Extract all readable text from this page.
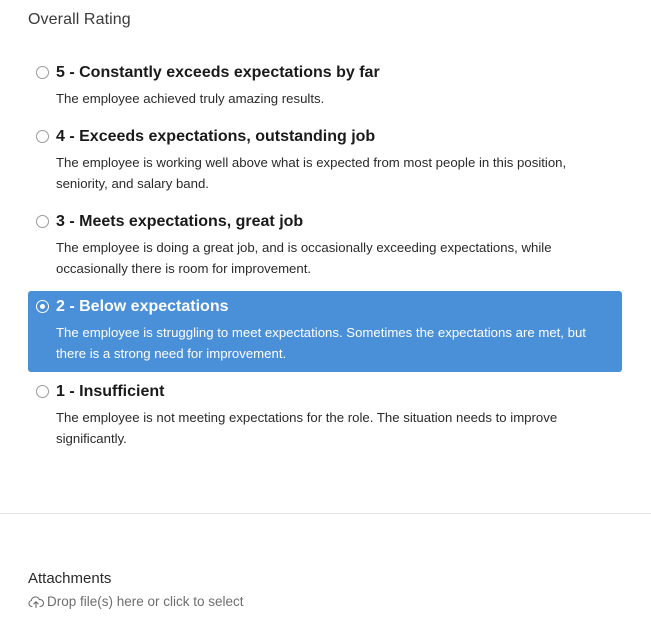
Overall Rating
5 - Constantly exceeds expectations by far
The employee achieved truly amazing results.
4 - Exceeds expectations, outstanding job
The employee is working well above what is expected from most people in this position, seniority, and salary band.
3 - Meets expectations, great job
The employee is doing a great job, and is occasionally exceeding expectations, while occasionally there is room for improvement.
2 - Below expectations
The employee is struggling to meet expectations. Sometimes the expectations are met, but there is a strong need for improvement.
1 - Insufficient
The employee is not meeting expectations for the role. The situation needs to improve significantly.
Attachments
Drop file(s) here or click to select
